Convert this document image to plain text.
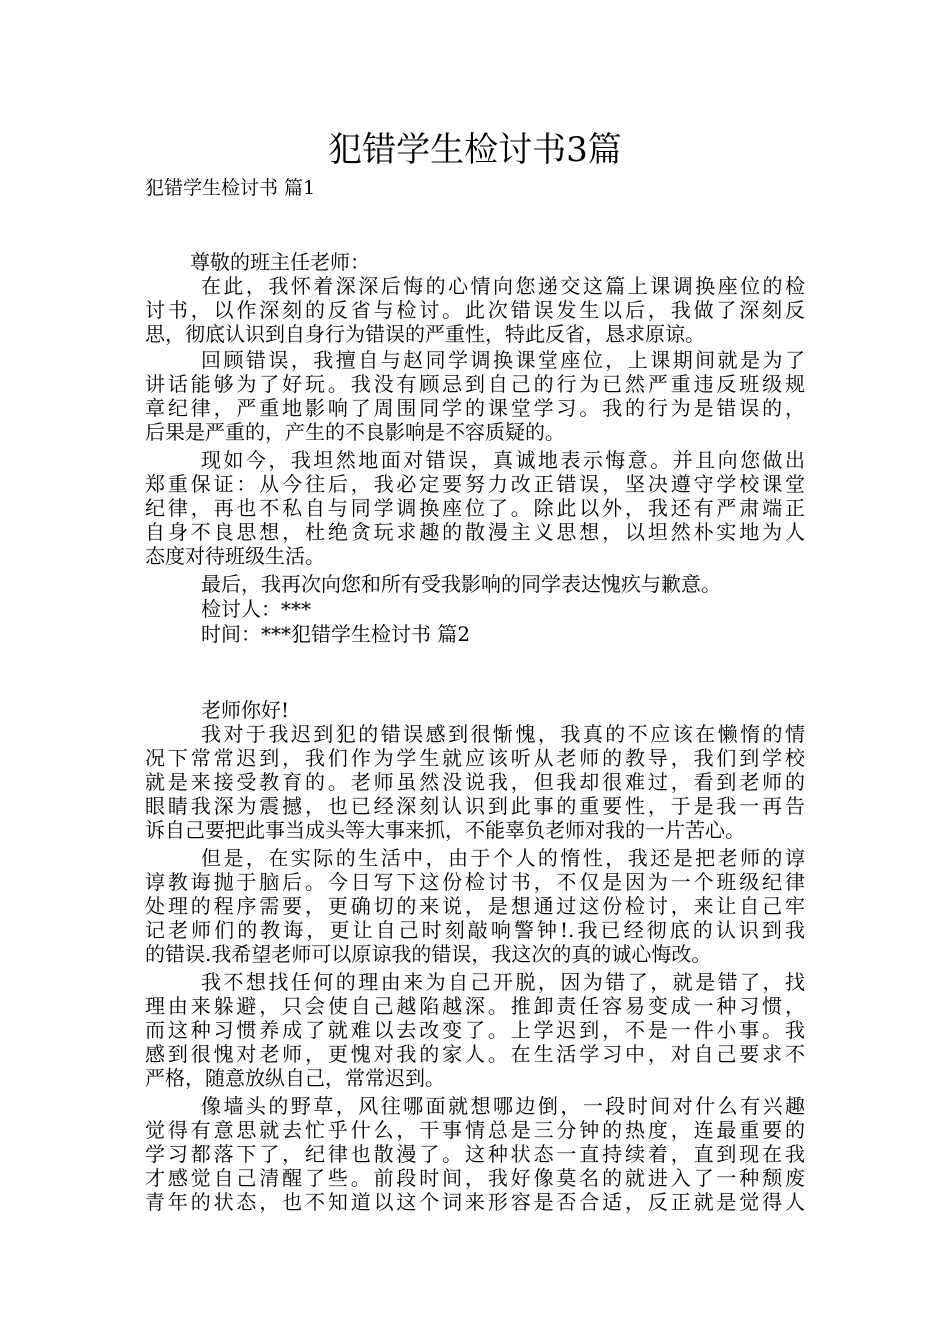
犯错学生检讨书3篇
犯错学生检讨书 篇1
尊敬的班主任老师：
在此，我怀着深深后悔的心情向您递交这篇上课调换座位的检
讨书，以作深刻的反省与检讨。此次错误发生以后，我做了深刻反
思，彻底认识到自身行为错误的严重性，特此反省，恳求原谅。
回顾错误，我擅自与赵同学调换课堂座位，上课期间就是为了
讲话能够为了好玩。我没有顾忌到自己的行为已然严重违反班级规
章纪律，严重地影响了周围同学的课堂学习。我的行为是错误的，
后果是严重的，产生的不良影响是不容质疑的。
现如今，我坦然地面对错误，真诚地表示悔意。并且向您做出
郑重保证：从今往后，我必定要努力改正错误，坚决遵守学校课堂
纪律，再也不私自与同学调换座位了。除此以外，我还有严肃端正
自身不良思想，杜绝贪玩求趣的散漫主义思想，以坦然朴实地为人
态度对待班级生活。
最后，我再次向您和所有受我影响的同学表达愧疚与歉意。
检讨人：***
时间：***犯错学生检讨书 篇2
老师你好!
我对于我迟到犯的错误感到很惭愧，我真的不应该在懒惰的情
况下常常迟到，我们作为学生就应该听从老师的教导，我们到学校
就是来接受教育的。老师虽然没说我，但我却很难过，看到老师的
眼睛我深为震撼，也已经深刻认识到此事的重要性，于是我一再告
诉自己要把此事当成头等大事来抓，不能辜负老师对我的一片苦心。
但是，在实际的生活中，由于个人的惰性，我还是把老师的谆
谆教诲抛于脑后。今日写下这份检讨书，不仅是因为一个班级纪律
处理的程序需要，更确切的来说，是想通过这份检讨，来让自己牢
记老师们的教诲，更让自己时刻敲响警钟!.我已经彻底的认识到我
的错误.我希望老师可以原谅我的错误，我这次的真的诚心悔改。
我不想找任何的理由来为自己开脱，因为错了，就是错了，找
理由来躲避，只会使自己越陷越深。推卸责任容易变成一种习惯，
而这种习惯养成了就难以去改变了。上学迟到，不是一件小事。我
感到很愧对老师，更愧对我的家人。在生活学习中，对自己要求不
严格，随意放纵自己，常常迟到。
像墙头的野草，风往哪面就想哪边倒，一段时间对什么有兴趣
觉得有意思就去忙乎什么，干事情总是三分钟的热度，连最重要的
学习都落下了，纪律也散漫了。这种状态一直持续着，直到现在我
才感觉自己清醒了些。前段时间，我好像莫名的就进入了一种颓废
青年的状态，也不知道以这个词来形容是否合适，反正就是觉得人
